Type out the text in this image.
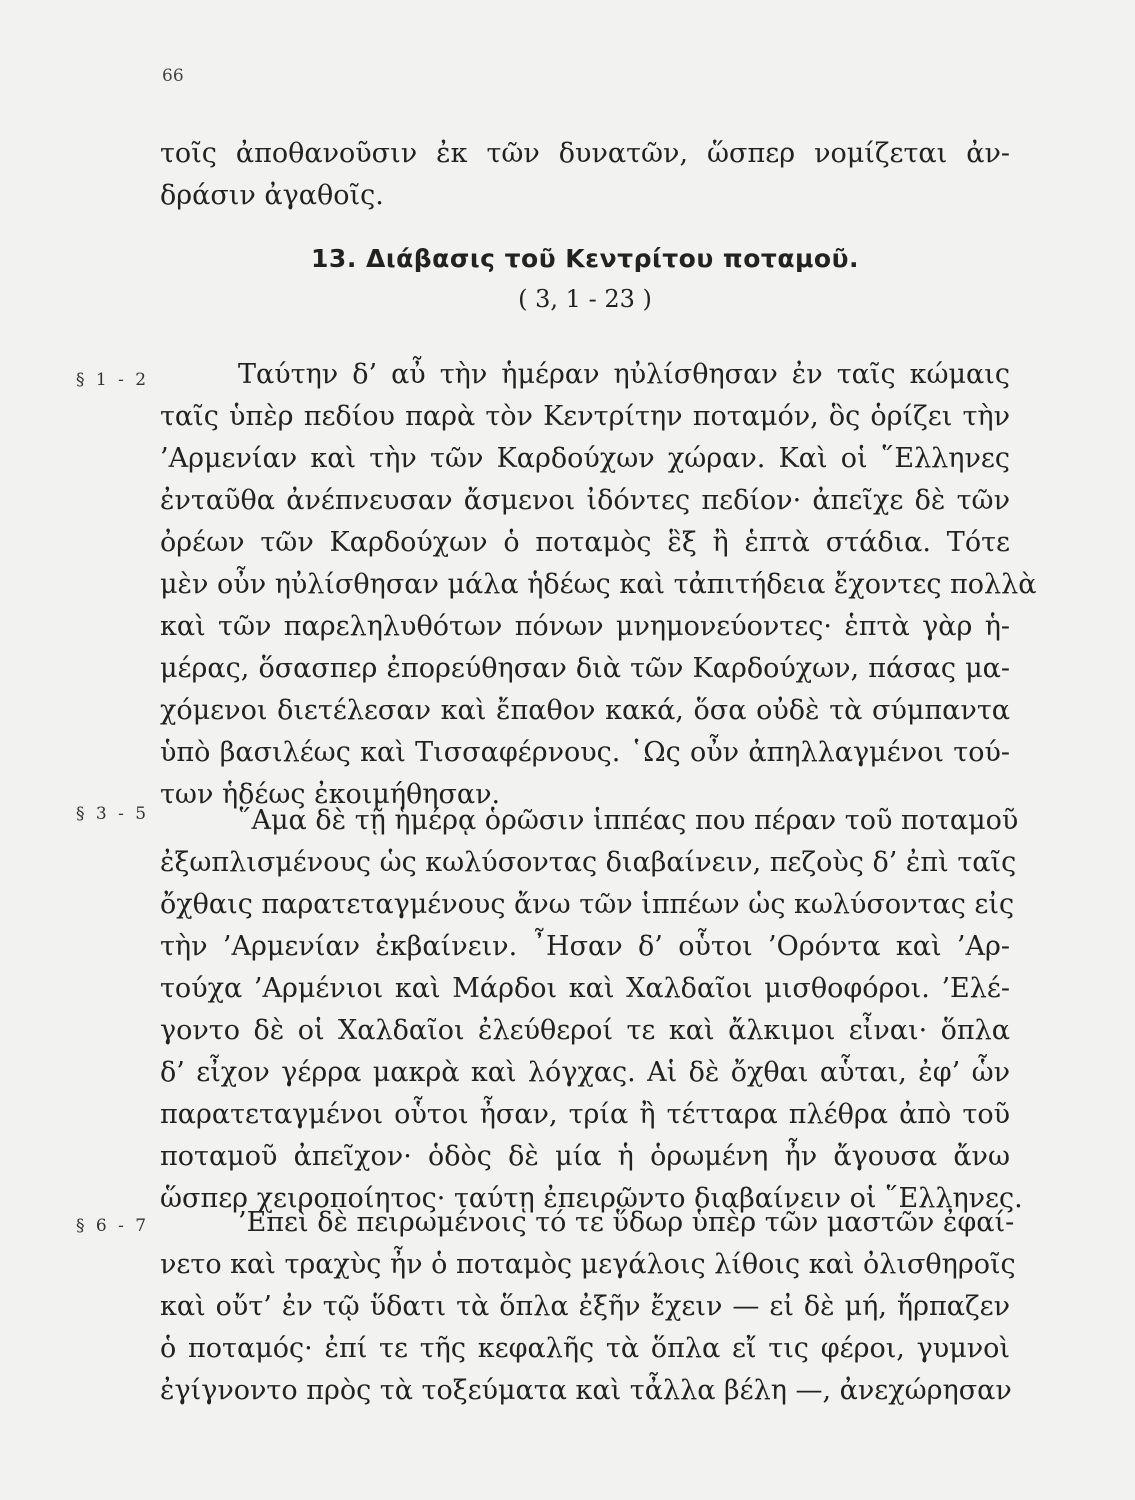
66
τοῖς ἀποθανοῦσιν ἐκ τῶν δυνατῶν, ὥσπερ νομίζεται ἀν-
δράσιν ἀγαθοῖς.
13. Διάβασις τοῦ Κεντρίτου ποταμοῦ.
( 3, 1 - 23 )
§ 1 - 2	Ταύτην δ’ αὖ τὴν ἡμέραν ηὐλίσθησαν ἐν ταῖς κώμαις
ταῖς ὑπὲρ πεδίου παρὰ τὸν Κεντρίτην ποταμόν, ὃς ὁρίζει τὴν
’Αρμενίαν καὶ τὴν τῶν Καρδούχων χώραν. Καὶ οἱ ῞Ελληνες
ἐνταῦθα ἀνέπνευσαν ἄσμενοι ἰδόντες πεδίον· ἀπεῖχε δὲ τῶν
ὀρέων τῶν Καρδούχων ὁ ποταμὸς ἓξ ἢ ἑπτὰ στάδια. Τότε
μὲν οὖν ηὐλίσθησαν μάλα ἡδέως καὶ τἀπιτήδεια ἔχοντες πολλὰ
καὶ τῶν παρεληλυθότων πόνων μνημονεύοντες· ἑπτὰ γὰρ ἡ-
μέρας, ὅσασπερ ἐπορεύθησαν διὰ τῶν Καρδούχων, πάσας μα-
χόμενοι διετέλεσαν καὶ ἔπαθον κακά, ὅσα οὐδὲ τὰ σύμπαντα
ὑπὸ βασιλέως καὶ Τισσαφέρνους. ῾Ως οὖν ἀπηλλαγμένοι τού-
των ἡδέως ἐκοιμήθησαν.
§ 3 - 5	῞Αμα δὲ τῇ ἡμέρᾳ ὁρῶσιν ἱππέας που πέραν τοῦ ποταμοῦ
ἐξωπλισμένους ὡς κωλύσοντας διαβαίνειν, πεζοὺς δ’ ἐπὶ ταῖς
ὄχθαις παρατεταγμένους ἄνω τῶν ἱππέων ὡς κωλύσοντας εἰς
τὴν ’Αρμενίαν ἐκβαίνειν. ῏Ησαν δ’ οὗτοι ’Ορόντα καὶ ’Αρ-
τούχα ’Αρμένιοι καὶ Μάρδοι καὶ Χαλδαῖοι μισθοφόροι. ’Ελέ-
γοντο δὲ οἱ Χαλδαῖοι ἐλεύθεροί τε καὶ ἄλκιμοι εἶναι· ὅπλα
δ’ εἶχον γέρρα μακρὰ καὶ λόγχας. Αἱ δὲ ὄχθαι αὗται, ἐφ’ ὧν
παρατεταγμένοι οὗτοι ἦσαν, τρία ἢ τέτταρα πλέθρα ἀπὸ τοῦ
ποταμοῦ ἀπεῖχον· ὁδὸς δὲ μία ἡ ὁρωμένη ἦν ἄγουσα ἄνω
ὥσπερ χειροποίητος· ταύτῃ ἐπειρῶντο διαβαίνειν οἱ ῞Ελληνες.
§ 6 - 7	’Επεὶ δὲ πειρωμένοις τό τε ὕδωρ ὑπὲρ τῶν μαστῶν ἐφαί-
νετο καὶ τραχὺς ἦν ὁ ποταμὸς μεγάλοις λίθοις καὶ ὀλισθηροῖς
καὶ οὔτ’ ἐν τῷ ὕδατι τὰ ὅπλα ἐξῆν ἔχειν — εἰ δὲ μή, ἥρπαζεν
ὁ ποταμός· ἐπί τε τῆς κεφαλῆς τὰ ὅπλα εἴ τις φέροι, γυμνοὶ
ἐγίγνοντο πρὸς τὰ τοξεύματα καὶ τἆλλα βέλη —, ἀνεχώρησαν
